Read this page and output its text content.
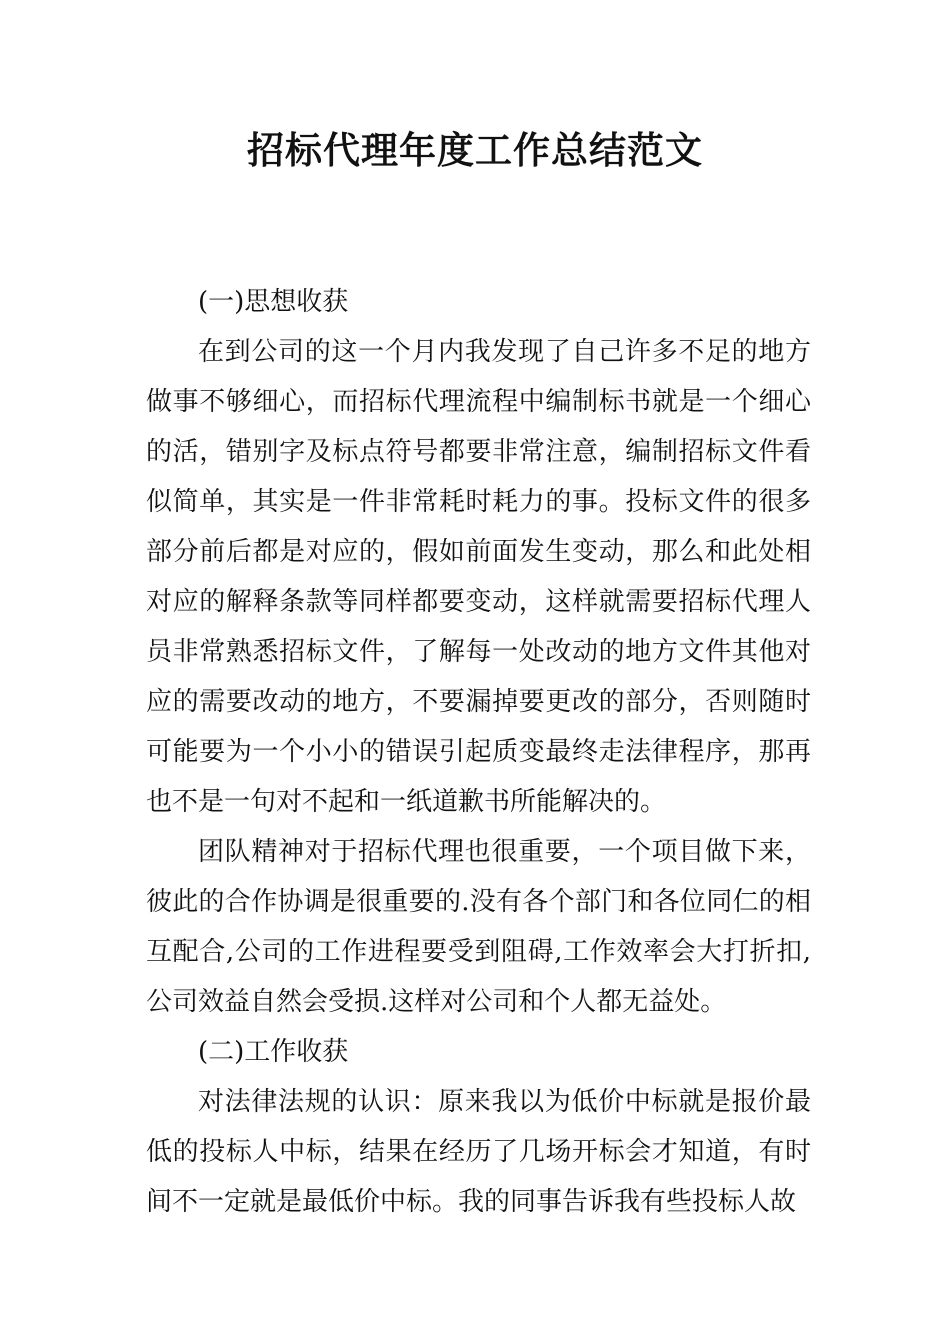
招标代理年度工作总结范文

(一)思想收获

在到公司的这一个月内我发现了自己许多不足的地方做事不够细心，而招标代理流程中编制标书就是一个细心的活，错别字及标点符号都要非常注意，编制招标文件看似简单，其实是一件非常耗时耗力的事。投标文件的很多部分前后都是对应的，假如前面发生变动，那么和此处相对应的解释条款等同样都要变动，这样就需要招标代理人员非常熟悉招标文件，了解每一处改动的地方文件其他对应的需要改动的地方，不要漏掉要更改的部分，否则随时可能要为一个小小的错误引起质变最终走法律程序，那再也不是一句对不起和一纸道歉书所能解决的。

团队精神对于招标代理也很重要，一个项目做下来，彼此的合作协调是很重要的.没有各个部门和各位同仁的相互配合,公司的工作进程要受到阻碍,工作效率会大打折扣,公司效益自然会受损.这样对公司和个人都无益处。

(二)工作收获

对法律法规的认识：原来我以为低价中标就是报价最低的投标人中标，结果在经历了几场开标会才知道，有时间不一定就是最低价中标。我的同事告诉我有些投标人故
